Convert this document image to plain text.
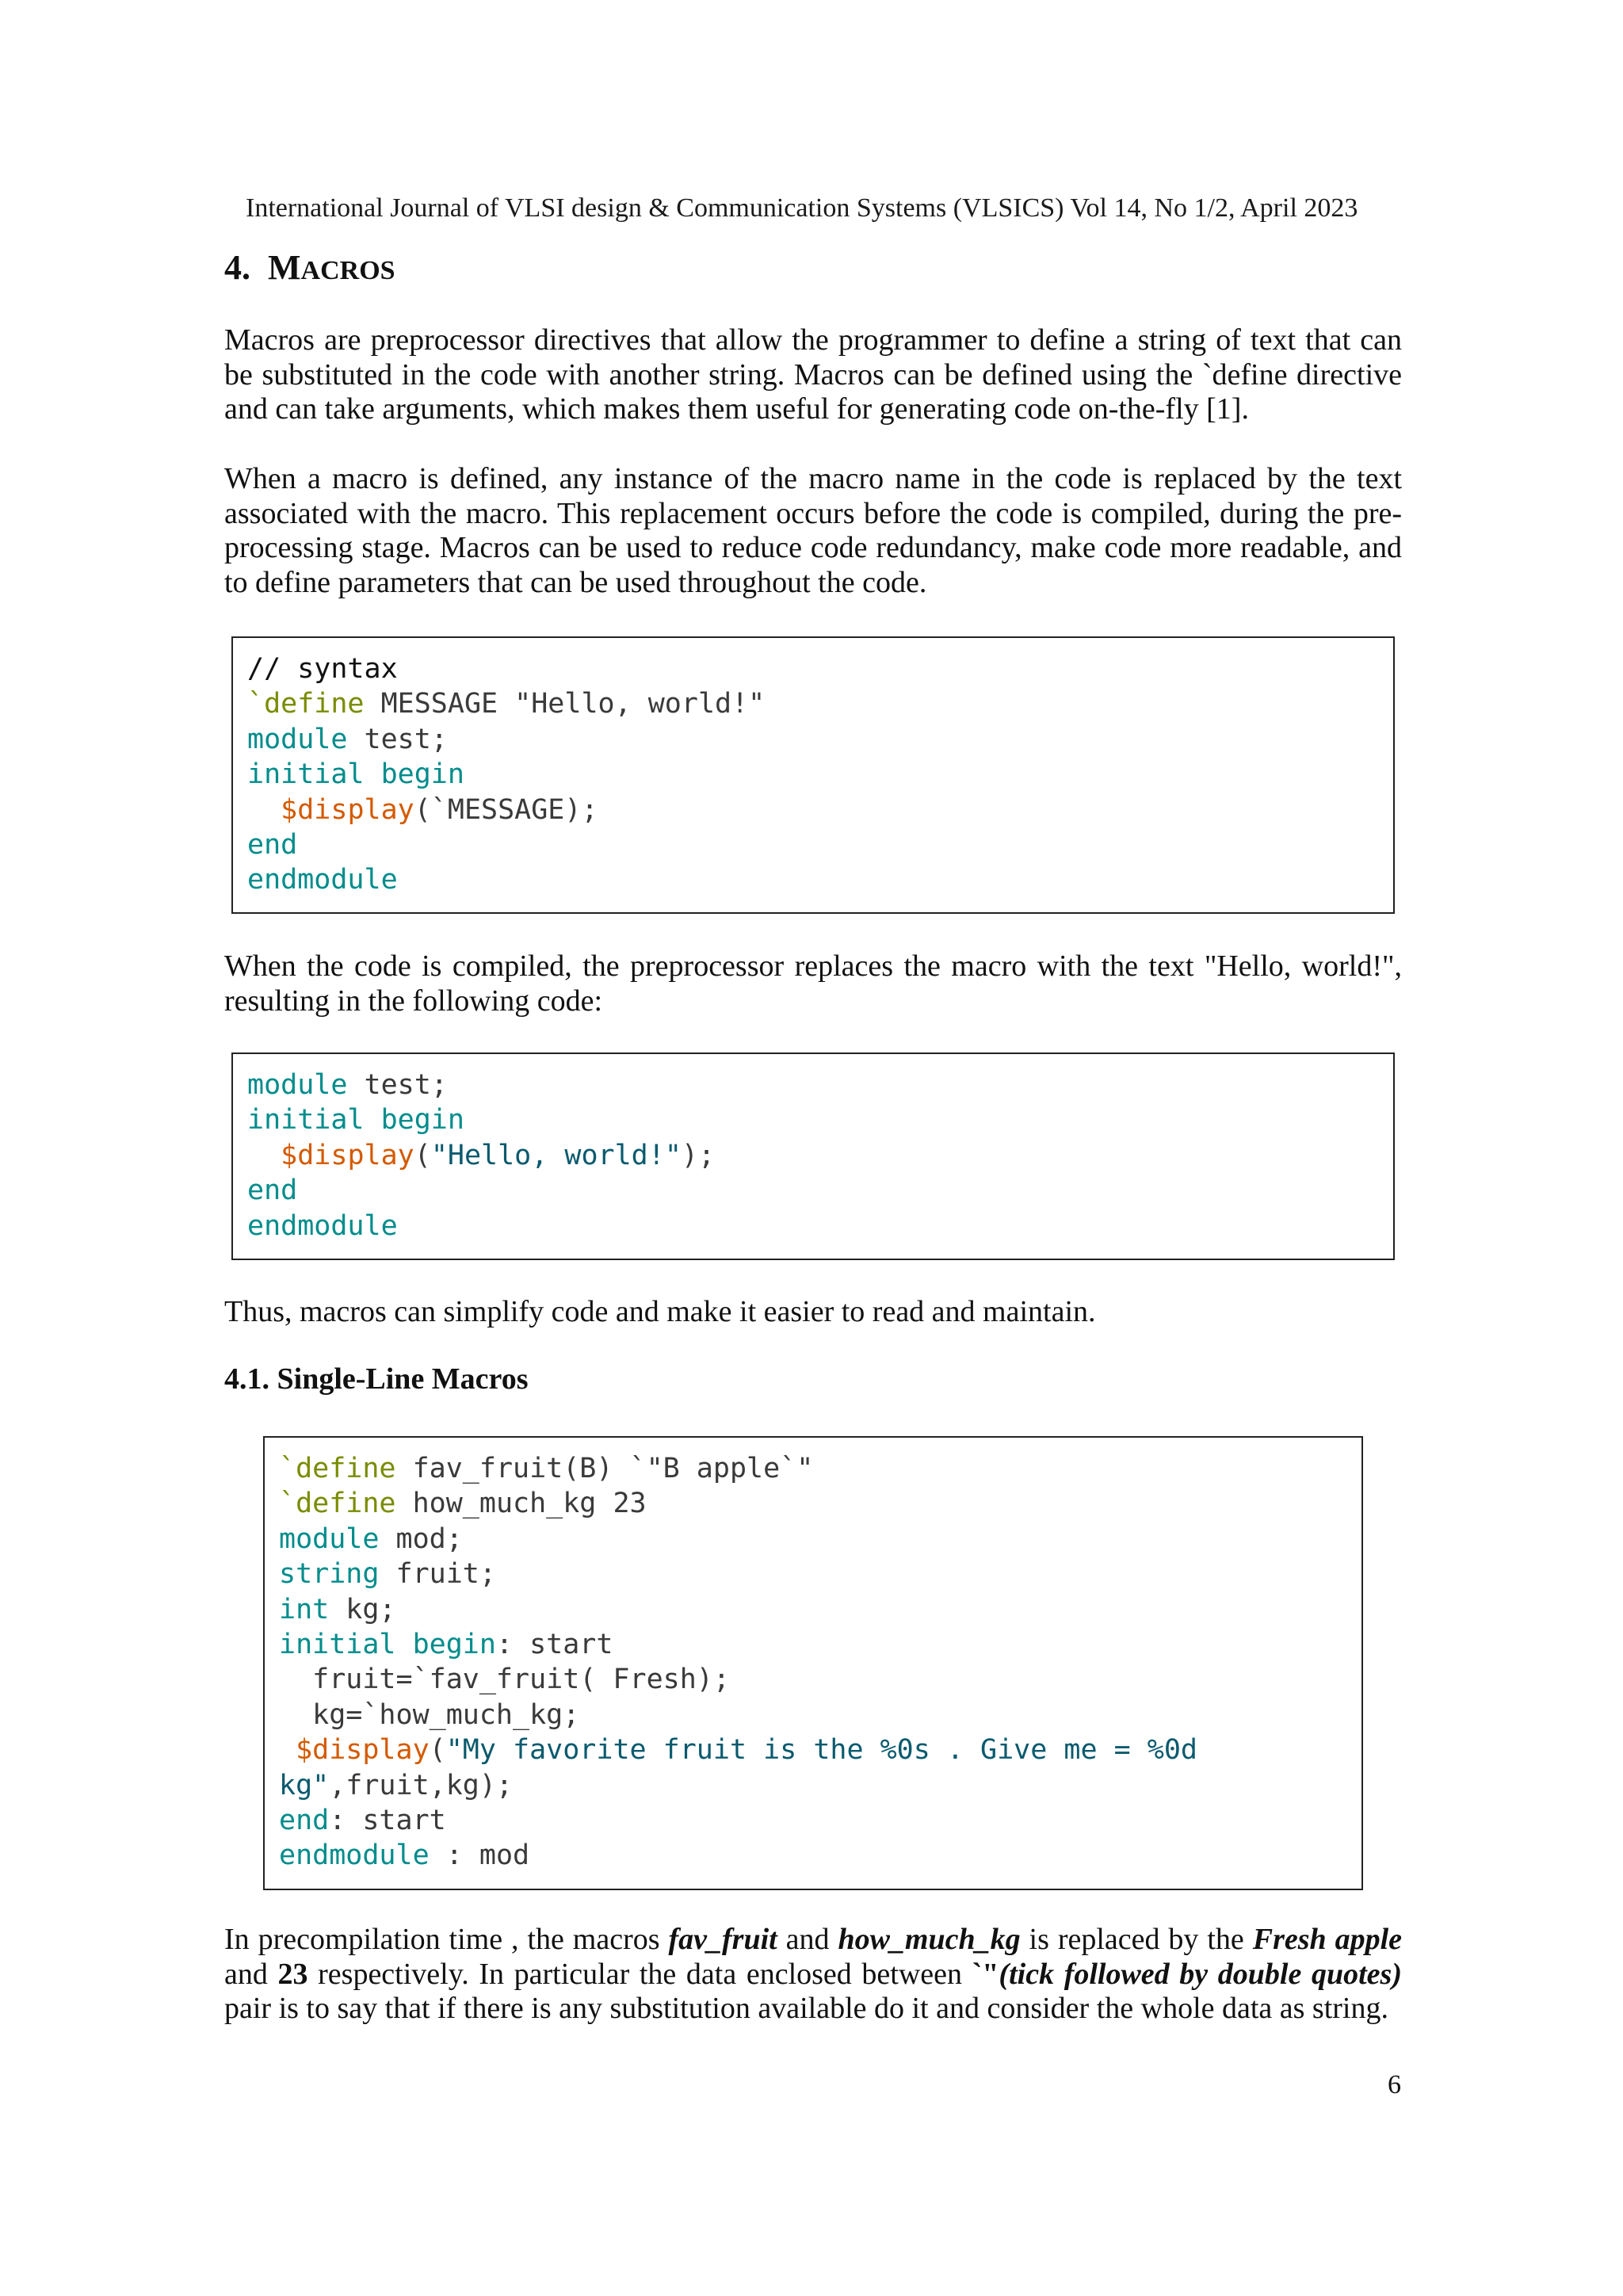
International Journal of VLSI design & Communication Systems (VLSICS) Vol 14, No 1/2, April 2023
4. MACROS

Macros are preprocessor directives that allow the programmer to define a string of text that can be substituted in the code with another string. Macros can be defined using the `define directive and can take arguments, which makes them useful for generating code on-the-fly [1].

When a macro is defined, any instance of the macro name in the code is replaced by the text associated with the macro. This replacement occurs before the code is compiled, during the pre-processing stage. Macros can be used to reduce code redundancy, make code more readable, and to define parameters that can be used throughout the code.

// syntax
`define MESSAGE "Hello, world!"
module test;
initial begin
$display(`MESSAGE);
end
endmodule

When the code is compiled, the preprocessor replaces the macro with the text "Hello, world!", resulting in the following code:

module test;
initial begin
$display("Hello, world!");
end
endmodule

Thus, macros can simplify code and make it easier to read and maintain.

4.1. Single-Line Macros
`define fav_fruit(B) `"B apple`"
`define how_much_kg 23
module mod;
string fruit;
int kg;
initial begin: start
fruit=`fav_fruit( Fresh);
kg=`how_much_kg;
$display("My favorite fruit is the %0s . Give me = %0d
kg",fruit,kg);
end: start
endmodule : mod

In precompilation time , the macros fav_fruit and how_much_kg is replaced by the Fresh apple and 23 respectively. In particular the data enclosed between `"(tick followed by double quotes) pair is to say that if there is any substitution available do it and consider the whole data as string.

6
